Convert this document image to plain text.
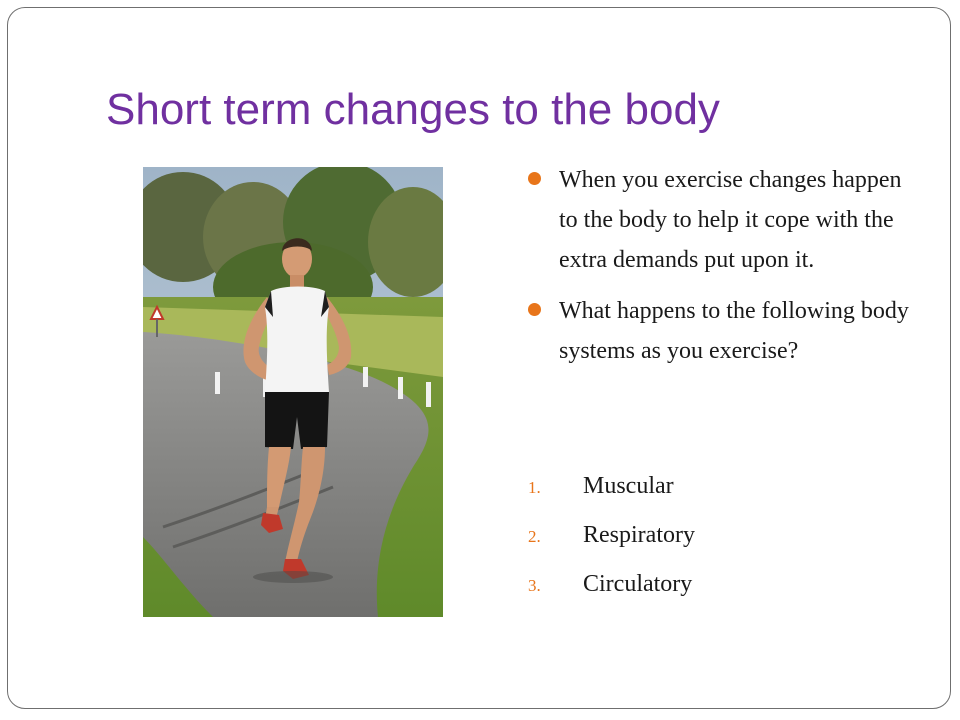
Short term changes to the body
When you exercise changes happen to the body to help it cope with the extra demands put upon it.
What happens to the following body systems as you exercise?
1.	Muscular
2.	Respiratory
3.	Circulatory
